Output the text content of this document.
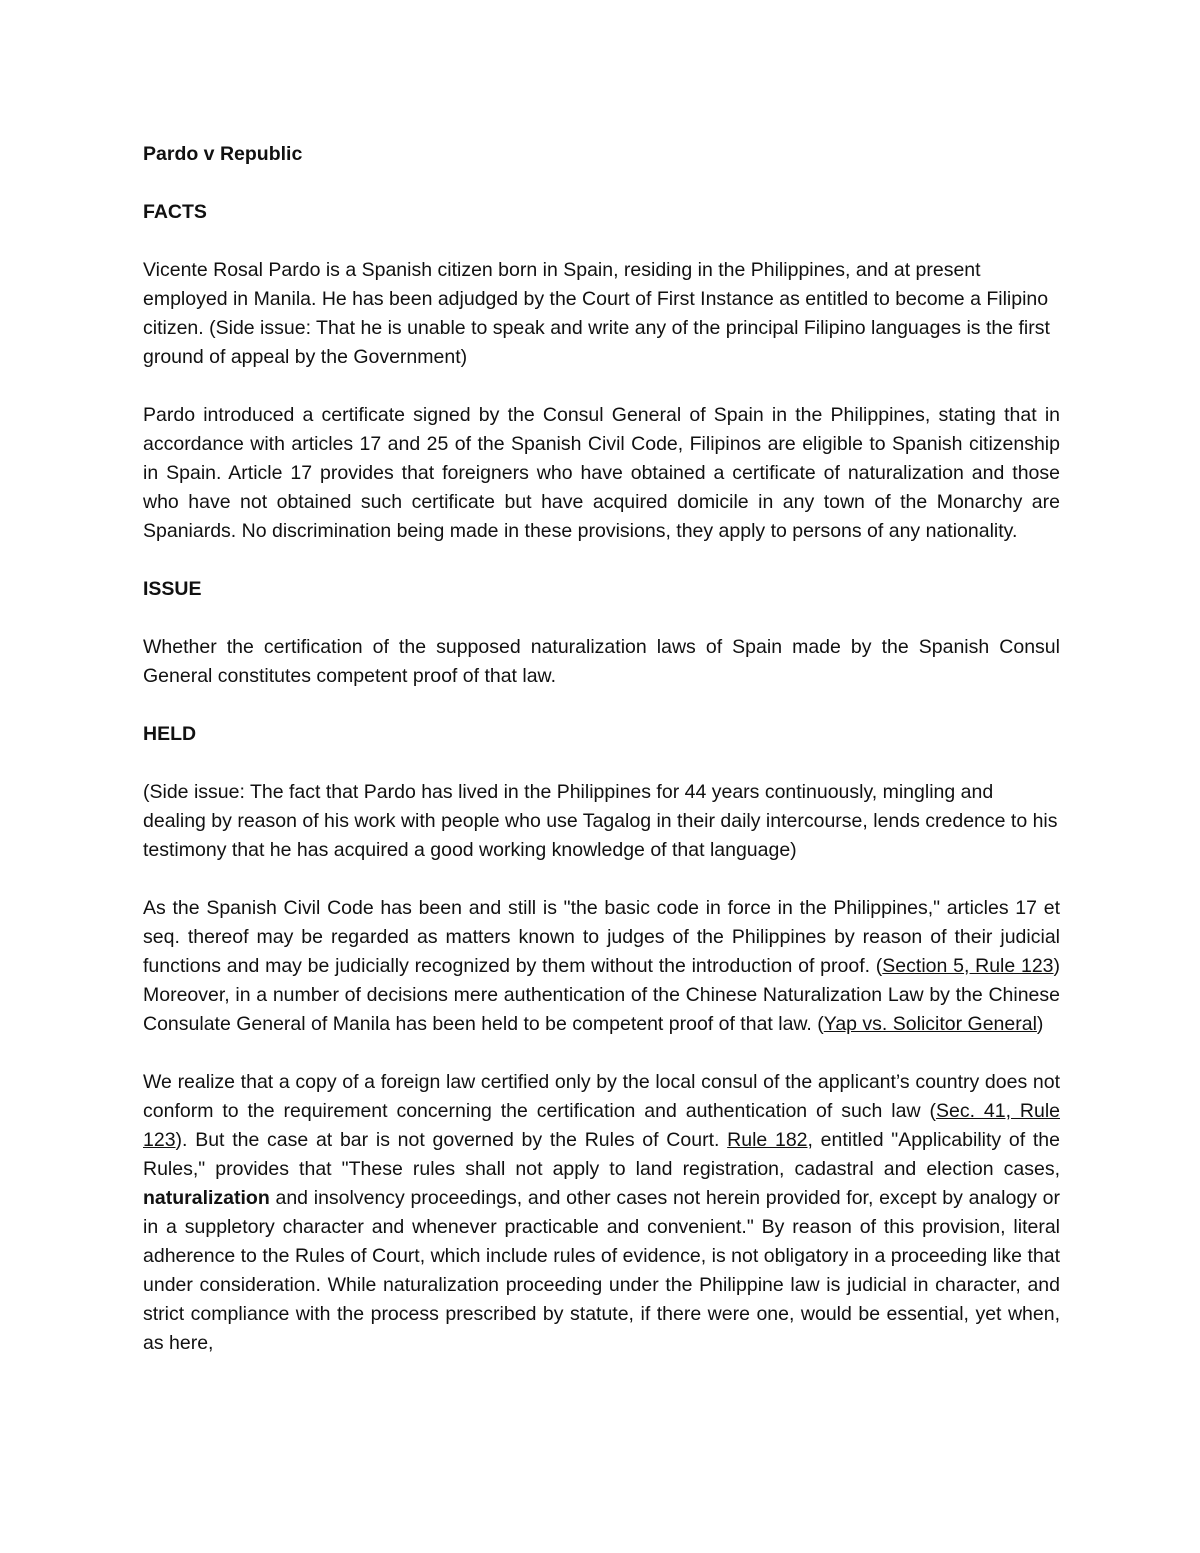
Pardo v Republic
FACTS
Vicente Rosal Pardo is a Spanish citizen born in Spain, residing in the Philippines, and at present employed in Manila. He has been adjudged by the Court of First Instance as entitled to become a Filipino citizen. (Side issue: That he is unable to speak and write any of the principal Filipino languages is the first ground of appeal by the Government)
Pardo introduced a certificate signed by the Consul General of Spain in the Philippines, stating that in accordance with articles 17 and 25 of the Spanish Civil Code, Filipinos are eligible to Spanish citizenship in Spain. Article 17 provides that foreigners who have obtained a certificate of naturalization and those who have not obtained such certificate but have acquired domicile in any town of the Monarchy are Spaniards. No discrimination being made in these provisions, they apply to persons of any nationality.
ISSUE
Whether the certification of the supposed naturalization laws of Spain made by the Spanish Consul General constitutes competent proof of that law.
HELD
(Side issue: The fact that Pardo has lived in the Philippines for 44 years continuously, mingling and dealing by reason of his work with people who use Tagalog in their daily intercourse, lends credence to his testimony that he has acquired a good working knowledge of that language)
As the Spanish Civil Code has been and still is "the basic code in force in the Philippines," articles 17 et seq. thereof may be regarded as matters known to judges of the Philippines by reason of their judicial functions and may be judicially recognized by them without the introduction of proof. (Section 5, Rule 123) Moreover, in a number of decisions mere authentication of the Chinese Naturalization Law by the Chinese Consulate General of Manila has been held to be competent proof of that law. (Yap vs. Solicitor General)
We realize that a copy of a foreign law certified only by the local consul of the applicant’s country does not conform to the requirement concerning the certification and authentication of such law (Sec. 41, Rule 123). But the case at bar is not governed by the Rules of Court. Rule 182, entitled "Applicability of the Rules," provides that "These rules shall not apply to land registration, cadastral and election cases, naturalization and insolvency proceedings, and other cases not herein provided for, except by analogy or in a suppletory character and whenever practicable and convenient." By reason of this provision, literal adherence to the Rules of Court, which include rules of evidence, is not obligatory in a proceeding like that under consideration. While naturalization proceeding under the Philippine law is judicial in character, and strict compliance with the process prescribed by statute, if there were one, would be essential, yet when, as here,
